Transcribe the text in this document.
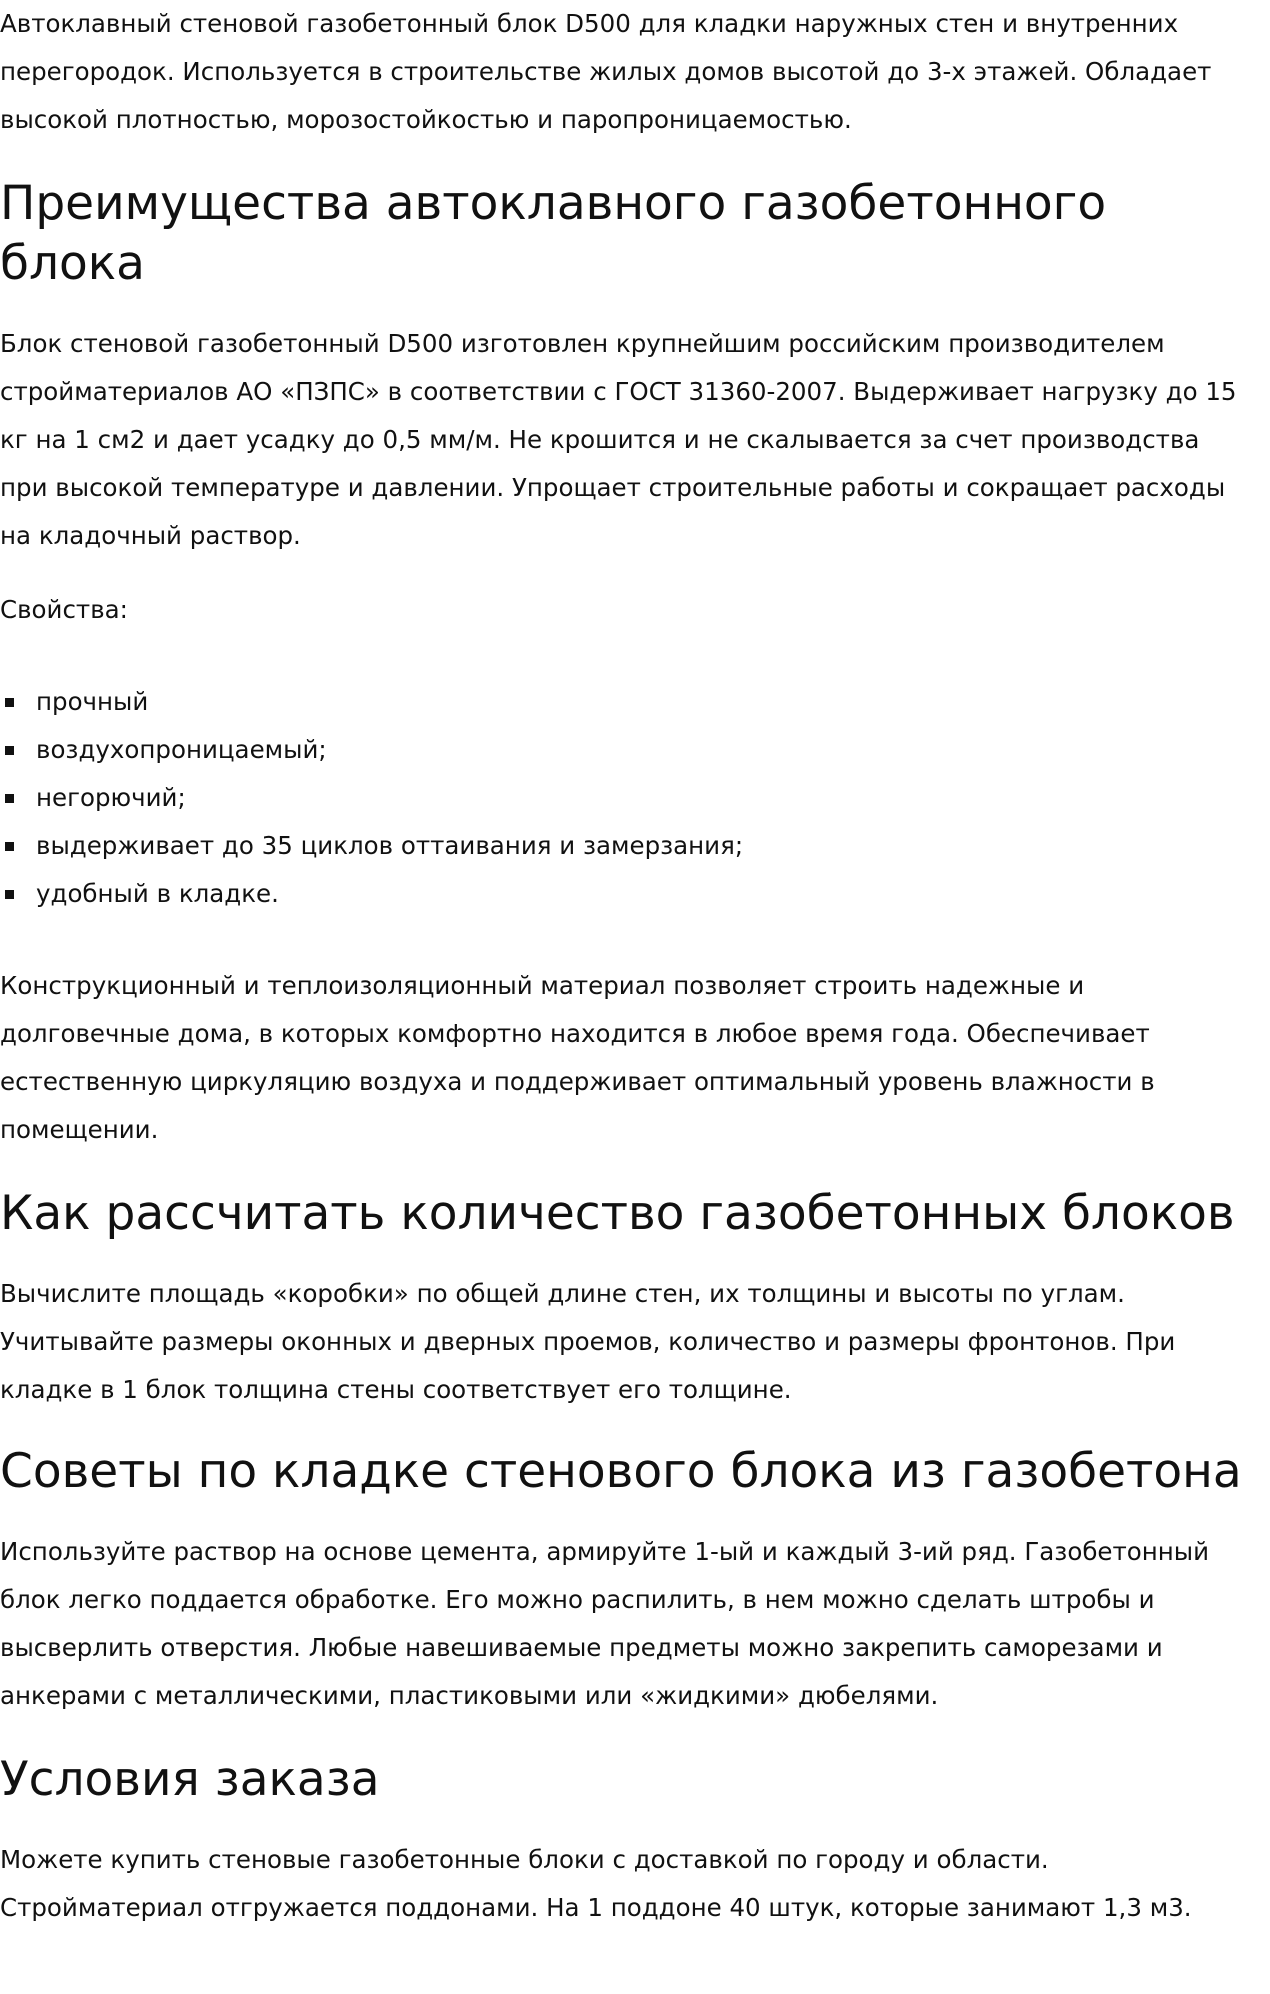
Автоклавный стеновой газобетонный блок D500 для кладки наружных стен и внутренних перегородок. Используется в строительстве жилых домов высотой до 3-х этажей. Обладает высокой плотностью, морозостойкостью и паропроницаемостью.

Преимущества автоклавного газобетонного блока

Блок стеновой газобетонный D500 изготовлен крупнейшим российским производителем стройматериалов АО «ПЗПС» в соответствии с ГОСТ 31360-2007. Выдерживает нагрузку до 15 кг на 1 см2 и дает усадку до 0,5 мм/м. Не крошится и не скалывается за счет производства при высокой температуре и давлении. Упрощает строительные работы и сокращает расходы на кладочный раствор.

Свойства:

прочный
воздухопроницаемый;
негорючий;
выдерживает до 35 циклов оттаивания и замерзания;
удобный в кладке.

Конструкционный и теплоизоляционный материал позволяет строить надежные и долговечные дома, в которых комфортно находится в любое время года. Обеспечивает естественную циркуляцию воздуха и поддерживает оптимальный уровень влажности в помещении.

Как рассчитать количество газобетонных блоков

Вычислите площадь «коробки» по общей длине стен, их толщины и высоты по углам. Учитывайте размеры оконных и дверных проемов, количество и размеры фронтонов. При кладке в 1 блок толщина стены соответствует его толщине.

Советы по кладке стенового блока из газобетона

Используйте раствор на основе цемента, армируйте 1-ый и каждый 3-ий ряд. Газобетонный блок легко поддается обработке. Его можно распилить, в нем можно сделать штробы и высверлить отверстия. Любые навешиваемые предметы можно закрепить саморезами и анкерами с металлическими, пластиковыми или «жидкими» дюбелями.

Условия заказа

Можете купить стеновые газобетонные блоки с доставкой по городу и области. Стройматериал отгружается поддонами. На 1 поддоне 40 штук, которые занимают 1,3 м3.
